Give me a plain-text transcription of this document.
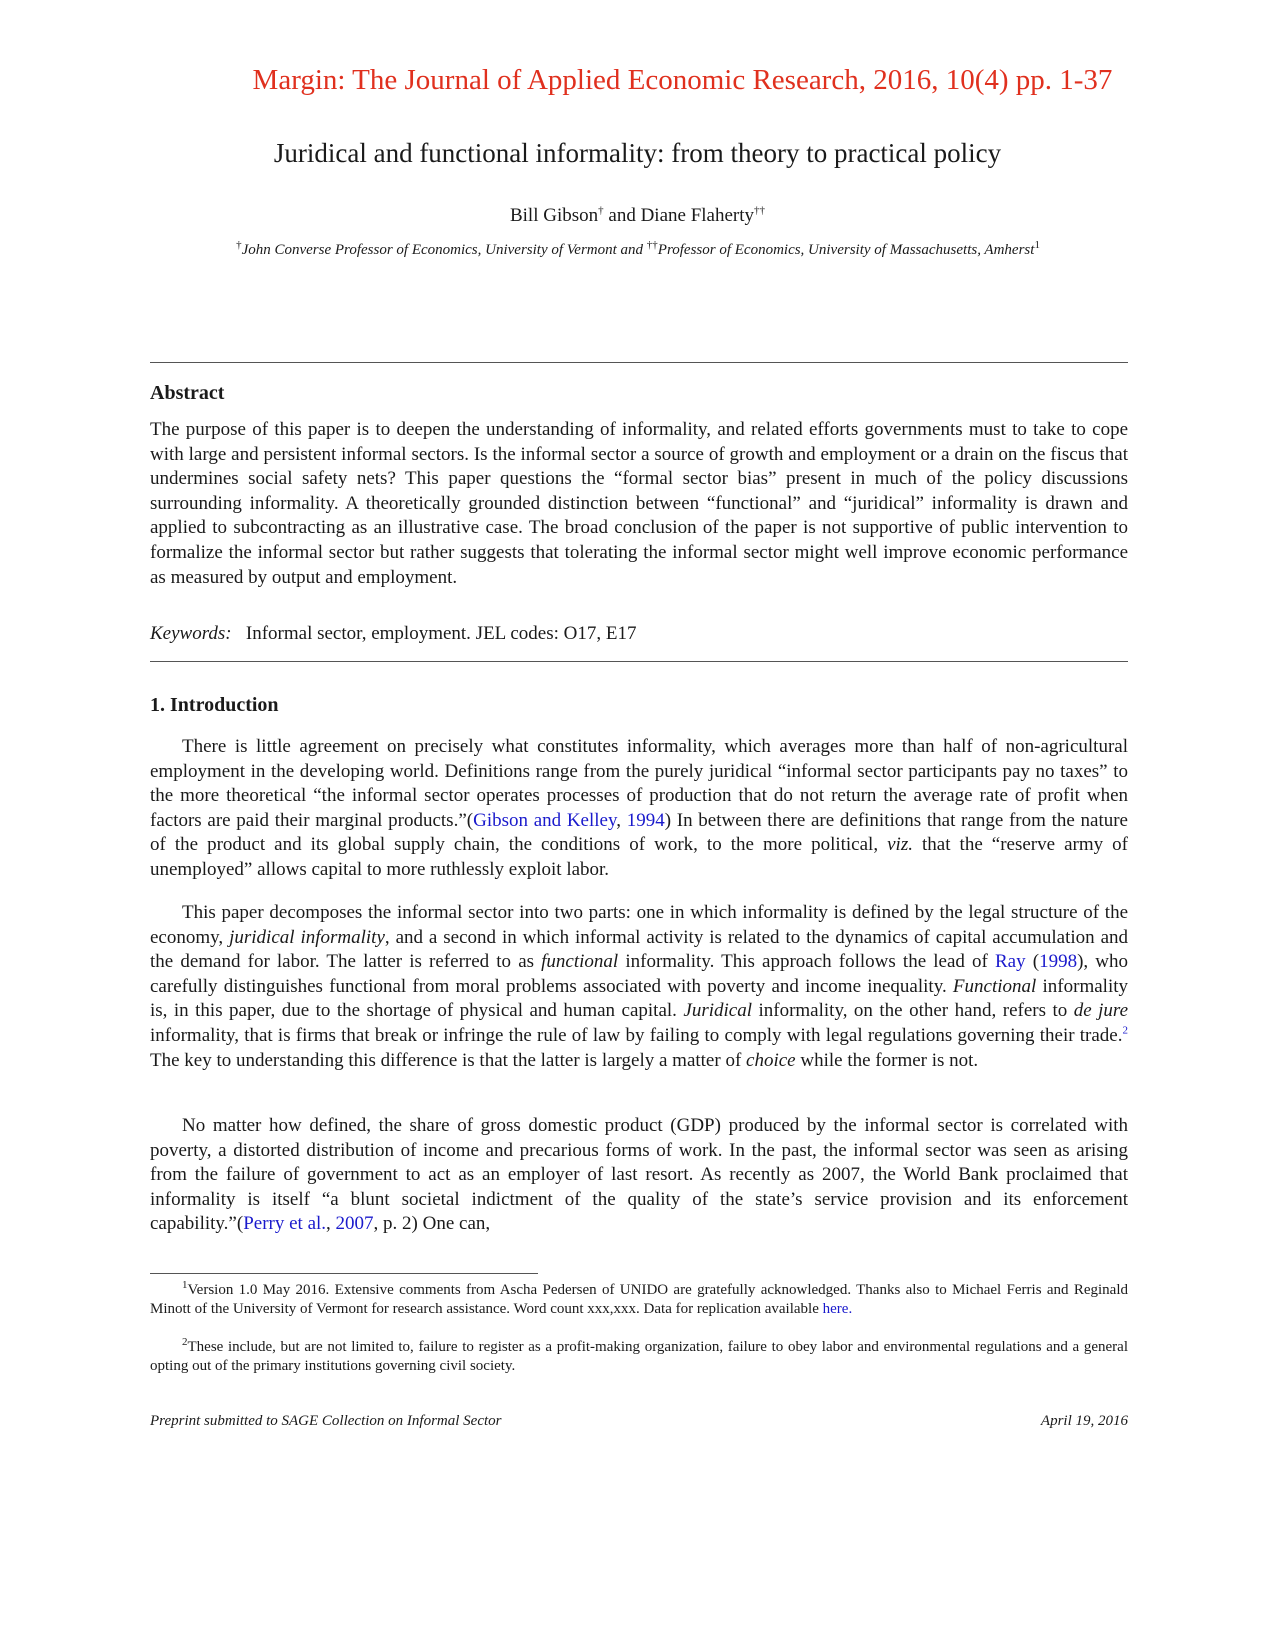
Margin: The Journal of Applied Economic Research, 2016, 10(4) pp. 1-37
Juridical and functional informality: from theory to practical policy
Bill Gibson† and Diane Flaherty††
†John Converse Professor of Economics, University of Vermont and ††Professor of Economics, University of Massachusetts, Amherst$^1$
Abstract
The purpose of this paper is to deepen the understanding of informality, and related efforts governments must to take to cope with large and persistent informal sectors. Is the informal sector a source of growth and employment or a drain on the fiscus that undermines social safety nets? This paper questions the “formal sector bias” present in much of the policy discussions surrounding informality. A theoretically grounded distinction between “functional” and “juridical” informality is drawn and applied to subcontracting as an illustrative case. The broad conclusion of the paper is not supportive of public intervention to formalize the informal sector but rather suggests that tolerating the informal sector might well improve economic performance as measured by output and employment.
Keywords: Informal sector, employment. JEL codes: O17, E17
1. Introduction
There is little agreement on precisely what constitutes informality, which averages more than half of non-agricultural employment in the developing world. Definitions range from the purely juridical “informal sector participants pay no taxes” to the more theoretical “the informal sector operates processes of production that do not return the average rate of profit when factors are paid their marginal products.”(Gibson and Kelley, 1994) In between there are definitions that range from the nature of the product and its global supply chain, the conditions of work, to the more political, viz. that the “reserve army of unemployed” allows capital to more ruthlessly exploit labor.
This paper decomposes the informal sector into two parts: one in which informality is defined by the legal structure of the economy, juridical informality, and a second in which informal activity is related to the dynamics of capital accumulation and the demand for labor. The latter is referred to as functional informality. This approach follows the lead of Ray (1998), who carefully distinguishes functional from moral problems associated with poverty and income inequality. Functional informality is, in this paper, due to the shortage of physical and human capital. Juridical informality, on the other hand, refers to de jure informality, that is firms that break or infringe the rule of law by failing to comply with legal regulations governing their trade.$^2$ The key to understanding this difference is that the latter is largely a matter of choice while the former is not.
No matter how defined, the share of gross domestic product (GDP) produced by the informal sector is correlated with poverty, a distorted distribution of income and precarious forms of work. In the past, the informal sector was seen as arising from the failure of government to act as an employer of last resort. As recently as 2007, the World Bank proclaimed that informality is itself “a blunt societal indictment of the quality of the state’s service provision and its enforcement capability.”(Perry et al., 2007, p. 2) One can,
$^1$Version 1.0 May 2016. Extensive comments from Ascha Pedersen of UNIDO are gratefully acknowledged. Thanks also to Michael Ferris and Reginald Minott of the University of Vermont for research assistance. Word count xxx,xxx. Data for replication available here.
$^2$These include, but are not limited to, failure to register as a profit-making organization, failure to obey labor and environmental regulations and a general opting out of the primary institutions governing civil society.
Preprint submitted to SAGE Collection on Informal Sector	April 19, 2016
